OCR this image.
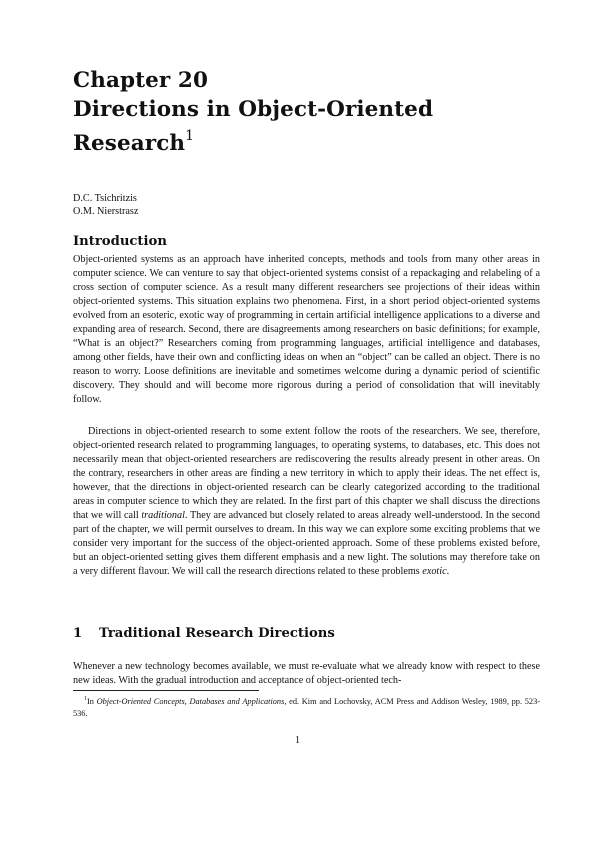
Chapter 20
Directions in Object-Oriented
Research$^1$
D.C. Tsichritzis
O.M. Nierstrasz
Introduction

Object-oriented systems as an approach have inherited concepts, methods and tools from many other areas in computer science. We can venture to say that object-oriented systems consist of a repackaging and relabeling of a cross section of computer science. As a result many different researchers see projections of their ideas within object-oriented systems. This situation explains two phenomena. First, in a short period object-oriented systems evolved from an esoteric, exotic way of programming in certain artificial intelligence applications to a diverse and expanding area of research. Second, there are disagreements among researchers on basic definitions; for example, “What is an object?” Researchers coming from programming languages, artificial intelligence and databases, among other fields, have their own and conflicting ideas on when an “object” can be called an object. There is no reason to worry. Loose definitions are inevitable and sometimes welcome during a dynamic period of scientific discovery. They should and will become more rigorous during a period of consolidation that will inevitably follow.

Directions in object-oriented research to some extent follow the roots of the researchers. We see, therefore, object-oriented research related to programming languages, to operating systems, to databases, etc. This does not necessarily mean that object-oriented researchers are rediscovering the results already present in other areas. On the contrary, researchers in other areas are finding a new territory in which to apply their ideas. The net effect is, however, that the directions in object-oriented research can be clearly categorized according to the traditional areas in computer science to which they are related. In the first part of this chapter we shall discuss the directions that we will call traditional. They are advanced but closely related to areas already well-understood. In the second part of the chapter, we will permit ourselves to dream. In this way we can explore some exciting problems that we consider very important for the success of the object-oriented approach. Some of these problems existed before, but an object-oriented setting gives them different emphasis and a new light. The solutions may therefore take on a very different flavour. We will call the research directions related to these problems exotic.

1 Traditional Research Directions

Whenever a new technology becomes available, we must re-evaluate what we already know with respect to these new ideas. With the gradual introduction and acceptance of object-oriented tech-

$^1$In Object-Oriented Concepts, Databases and Applications, ed. Kim and Lochovsky, ACM Press and Addison Wesley, 1989, pp. 523-536.
1
